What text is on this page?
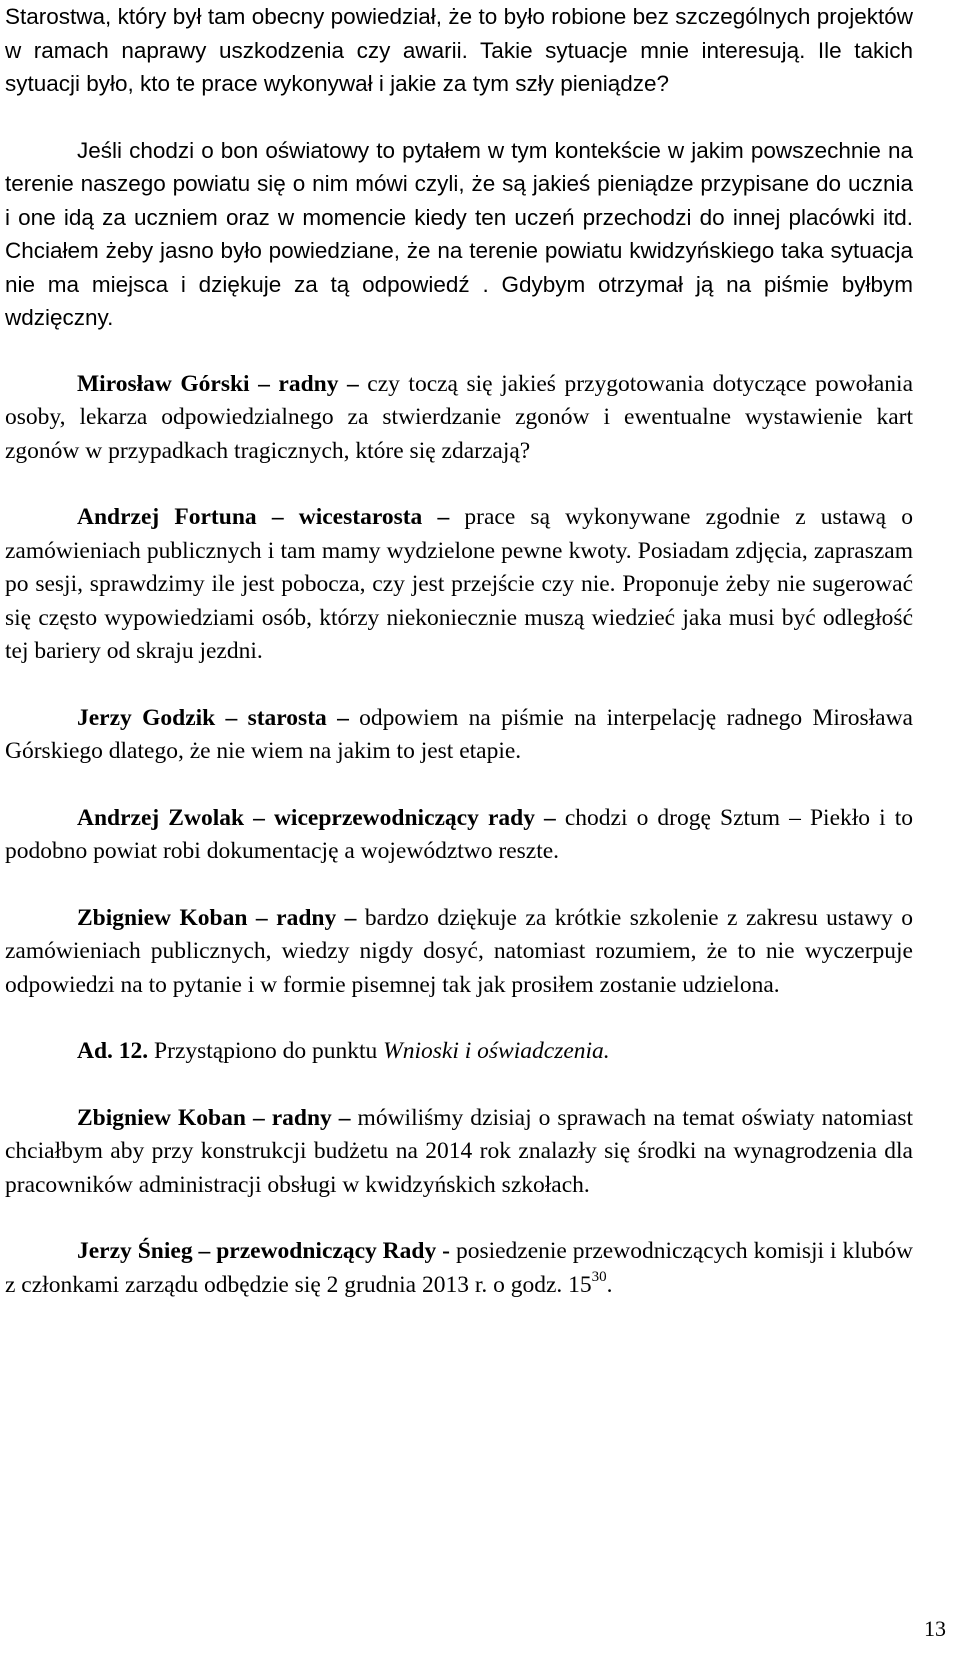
Starostwa, który był tam obecny powiedział, że to było robione bez szczególnych projektów w ramach naprawy uszkodzenia czy awarii. Takie sytuacje mnie interesują. Ile takich sytuacji było, kto te prace wykonywał i jakie za tym szły pieniądze?

Jeśli chodzi o bon oświatowy to pytałem w tym kontekście w jakim powszechnie na terenie naszego powiatu się o nim mówi czyli, że są jakieś pieniądze przypisane do ucznia i one idą za uczniem oraz w momencie kiedy ten uczeń przechodzi do innej placówki itd. Chciałem żeby jasno było powiedziane, że na terenie powiatu kwidzyńskiego taka sytuacja nie ma miejsca i dziękuje za tą odpowiedź . Gdybym otrzymał ją na piśmie byłbym wdzięczny.

Mirosław Górski – radny – czy toczą się jakieś przygotowania dotyczące powołania osoby, lekarza odpowiedzialnego za stwierdzanie zgonów i ewentualne wystawienie kart zgonów w przypadkach tragicznych, które się zdarzają?

Andrzej Fortuna – wicestarosta – prace są wykonywane zgodnie z ustawą o zamówieniach publicznych i tam mamy wydzielone pewne kwoty. Posiadam zdjęcia, zapraszam po sesji, sprawdzimy ile jest pobocza, czy jest przejście czy nie. Proponuje żeby nie sugerować się często wypowiedziami osób, którzy niekoniecznie muszą wiedzieć jaka musi być odległość tej bariery od skraju jezdni.

Jerzy Godzik – starosta – odpowiem na piśmie na interpelację radnego Mirosława Górskiego dlatego, że nie wiem na jakim to jest etapie.

Andrzej Zwolak – wiceprzewodniczący rady – chodzi o drogę Sztum – Piekło i to podobno powiat robi dokumentację a województwo reszte.

Zbigniew Koban – radny – bardzo dziękuje za krótkie szkolenie z zakresu ustawy o zamówieniach publicznych, wiedzy nigdy dosyć, natomiast rozumiem, że to nie wyczerpuje odpowiedzi na to pytanie i w formie pisemnej tak jak prosiłem zostanie udzielona.

Ad. 12. Przystąpiono do punktu Wnioski i oświadczenia.

Zbigniew Koban – radny – mówiliśmy dzisiaj o sprawach na temat oświaty natomiast chciałbym aby przy konstrukcji budżetu na 2014 rok znalazły się środki na wynagrodzenia dla pracowników administracji obsługi w kwidzyńskich szkołach.

Jerzy Śnieg – przewodniczący Rady - posiedzenie przewodniczących komisji i klubów z członkami zarządu odbędzie się 2 grudnia 2013 r. o godz. $15^{30}$.

13
